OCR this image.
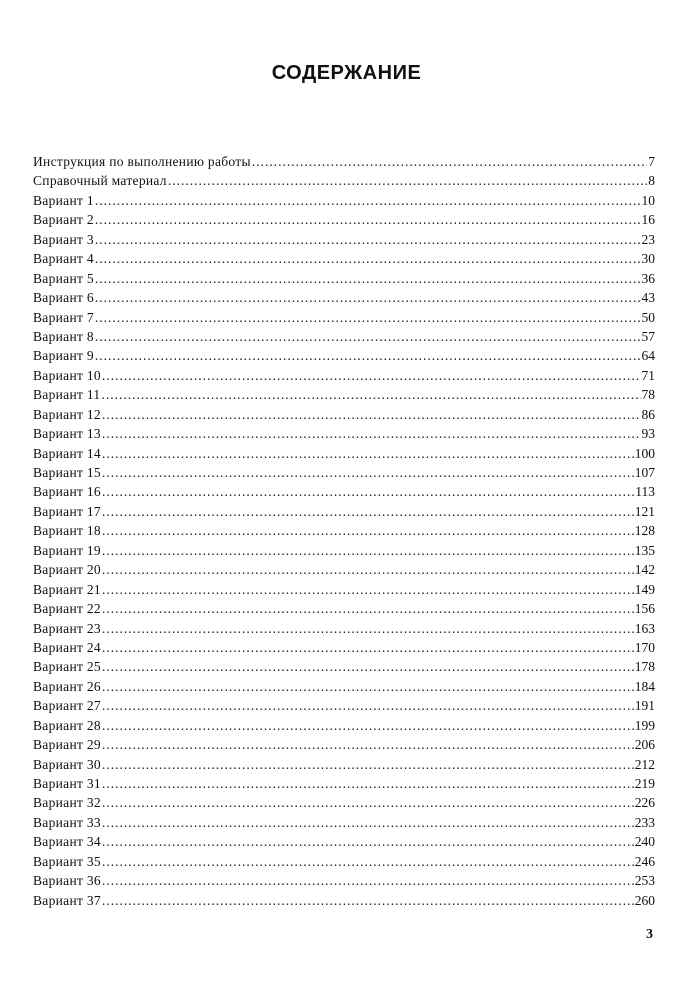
СОДЕРЖАНИЕ
Инструкция по выполнению работы .....	7
Справочный материал .....	8
Вариант 1 .....	10
Вариант 2 .....	16
Вариант 3 .....	23
Вариант 4 .....	30
Вариант 5 .....	36
Вариант 6 .....	43
Вариант 7 .....	50
Вариант 8 .....	57
Вариант 9 .....	64
Вариант 10 .....	71
Вариант 11 .....	78
Вариант 12 .....	86
Вариант 13 .....	93
Вариант 14 .....	100
Вариант 15 .....	107
Вариант 16 .....	113
Вариант 17 .....	121
Вариант 18 .....	128
Вариант 19 .....	135
Вариант 20 .....	142
Вариант 21 .....	149
Вариант 22 .....	156
Вариант 23 .....	163
Вариант 24 .....	170
Вариант 25 .....	178
Вариант 26 .....	184
Вариант 27 .....	191
Вариант 28 .....	199
Вариант 29 .....	206
Вариант 30 .....	212
Вариант 31 .....	219
Вариант 32 .....	226
Вариант 33 .....	233
Вариант 34 .....	240
Вариант 35 .....	246
Вариант 36 .....	253
Вариант 37 .....	260
3
